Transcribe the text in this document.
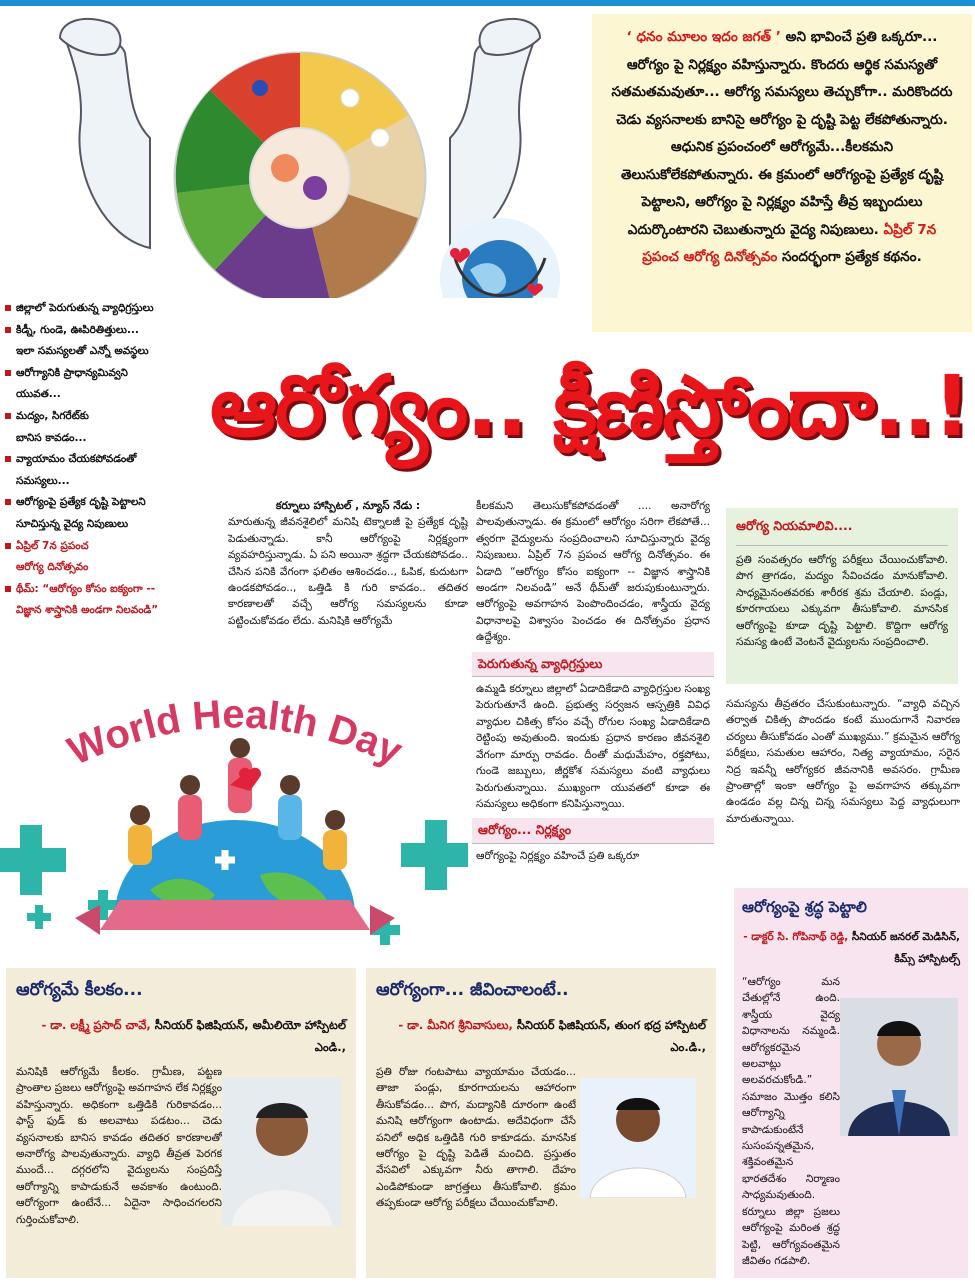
‘ ధనం మూలం ఇదం జగత్ ’ అని భావించే ప్రతి ఒక్కరూ... ఆరోగ్యం పై నిర్లక్ష్యం వహిస్తున్నారు. కొందరు ఆర్థిక సమస్యతో సతమతమవుతూ... ఆరోగ్య సమస్యలు తెచ్చుకోగా.. మరికొందరు చెడు వ్యసనాలకు బానిసై ఆరోగ్యం పై దృష్టి పెట్ట లేకపోతున్నారు. ఆధునిక ప్రపంచంలో ఆరోగ్యమే...కీలకమని తెలుసుకోలేకపోతున్నారు. ఈ క్రమంలో ఆరోగ్యంపై ప్రత్యేక దృష్టి పెట్టాలని, ఆరోగ్యం పై నిర్లక్ష్యం వహిస్తే తీవ్ర ఇబ్బందులు ఎదుర్కొంటారని చెబుతున్నారు వైద్య నిపుణులు. ఏప్రిల్ 7న ప్రపంచ ఆరోగ్య దినోత్సవం సందర్భంగా ప్రత్యేక కథనం.
జిల్లాలో పెరుగుతున్న వ్యాధిగ్రస్తులు
కిడ్నీ, గుండె, ఊపిరితిత్తులు...
ఇలా సమస్యలతో ఎన్నో అవస్థలు
ఆరోగ్యానికి ప్రాధాన్యమివ్వని
యువత...
మద్యం, సిగరేట్‌కు
బానిస కావడం...
వ్యాయామం చేయకపోవడంతో
సమస్యలు...
ఆరోగ్యంపై ప్రత్యేక దృష్టి పెట్టాలని
సూచిస్తున్న వైద్య నిపుణులు
ఏప్రిల్ 7న ప్రపంచ
ఆరోగ్య దినోత్సవం
థీమ్: “ఆరోగ్యం కోసం ఐక్యంగా --
విజ్ఞాన శాస్త్రానికి అండగా నిలవండి”
ఆరోగ్యం.. క్షీణిస్తోందా..!
కర్నూలు హాస్పిటల్ , న్యూస్ నేడు :
మారుతున్న జీవనశైలిలో మనిషి టెక్నాలజీ పై ప్రత్యేక దృష్టి పెడుతున్నాడు. కానీ ఆరోగ్యంపై నిర్లక్ష్యంగా వ్యవహరిస్తున్నాడు. ఏ పని అయినా శ్రద్ధగా చేయకపోవడం.. చేసిన పనికి వేగంగా ఫలితం ఆశించడం.., ఓపిక, కుదుటగా ఉండకపోవడం.., ఒత్తిడి కి గురి కావడం.. తదితర కారణాలతో వచ్చే ఆరోగ్య సమస్యలను కూడా పట్టించుకోవడం లేదు. మనిషికి ఆరోగ్యమే
కీలకమని తెలుసుకోకపోవడంతో .... అనారోగ్య పాలవుతున్నాడు. ఈ క్రమంలో ఆరోగ్యం సరిగా లేకపోతే... త్వరగా వైద్యులను సంప్రదించాలని సూచిస్తున్నారు వైద్య నిపుణులు. ఏప్రిల్ 7న ప్రపంచ ఆరోగ్య దినోత్సవం. ఈ ఏడాది “ఆరోగ్యం కోసం ఐక్యంగా -- విజ్ఞాన శాస్త్రానికి అండగా నిలవండి” అనే థీమ్‌తో జరుపుకుంటున్నారు. ఆరోగ్యంపై అవగాహన పెంపొందించడం, శాస్త్రీయ వైద్య విధానాలపై విశ్వాసం పెంచడం ఈ దినోత్సవం ప్రధాన ఉద్దేశ్యం.
పెరుగుతున్న వ్యాధిగ్రస్తులు
ఉమ్మడి కర్నూలు జిల్లాలో ఏడాదికేడాది వ్యాధిగ్రస్తుల సంఖ్య పెరుగుతూనే ఉంది. ప్రభుత్వ సర్వజన ఆస్పత్రికి వివిధ వ్యాధుల చికిత్స కోసం వచ్చే రోగుల సంఖ్య ఏడాదికేడాది రెట్టింపు అవుతుంది. ఇందుకు ప్రధాన కారణం జీవనశైలి వేగంగా మార్పు రావడం. దీంతో మధుమేహం, రక్తపోటు, గుండె జబ్బులు, జీర్ణకోశ సమస్యలు వంటి వ్యాధులు పెరుగుతున్నాయి. ముఖ్యంగా యువతలో కూడా ఈ సమస్యలు అధికంగా కనిపిస్తున్నాయి.
ఆరోగ్యం... నిర్లక్ష్యం
ఆరోగ్యంపై నిర్లక్ష్యం వహించే ప్రతి ఒక్కరూ
ఆరోగ్య నియమాలివి....
ప్రతి సంవత్సరం ఆరోగ్య పరీక్షలు చేయించుకోవాలి. పొగ త్రాగడం, మద్యం సేవించడం మానుకోవాలి. సాధ్యమైనంతవరకు శారీరక శ్రమ చేయాలి. పండ్లు, కూరగాయలు ఎక్కువగా తీసుకోవాలి. మానసిక ఆరోగ్యంపై కూడా దృష్టి పెట్టాలి. కొద్దిగా ఆరోగ్య సమస్య ఉంటే వెంటనే వైద్యులను సంప్రదించాలి.
సమస్యను తీవ్రతరం చేసుకుంటున్నారు. “వ్యాధి వచ్చిన తర్వాత చికిత్స పొందడం కంటే ముందుగానే నివారణ చర్యలు తీసుకోవడం ఎంతో ముఖ్యము.” క్రమమైన ఆరోగ్య పరీక్షలు, సమతుల ఆహారం, నిత్య వ్యాయామం, సరైన నిద్ర ఇవన్నీ ఆరోగ్యకర జీవనానికి అవసరం. గ్రామీణ ప్రాంతాల్లో ఇంకా ఆరోగ్యం పై అవగాహన తక్కువగా ఉండడం వల్ల చిన్న చిన్న సమస్యలు పెద్ద వ్యాధులుగా మారుతున్నాయి.
World Health Day
ఆరోగ్యమే కీలకం...
- డా. లక్ష్మీ ప్రసాద్ చావే, సీనియర్ ఫిజిషియన్, అమీలియో హాస్పిటల్ ఎండి.,
మనిషికి ఆరోగ్యమే కీలకం. గ్రామీణ, పట్టణ ప్రాంతాల ప్రజలు ఆరోగ్యంపై అవగాహన లేక నిర్లక్ష్యం వహిస్తున్నారు. అధికంగా ఒత్తిడికి గురికావడం... ఫాస్ట్ ఫుడ్ కు అలవాటు పడటం... చెడు వ్యసనాలకు బానిస కావడం తదితర కారణాలతో అనారోగ్య పాలవుతున్నారు. వ్యాధి తీవ్రత పెరగక ముందే... దగ్గరలోని వైద్యులను సంప్రదిస్తే ఆరోగ్యాన్ని కాపాడుకునే అవకాశం ఉంటుంది. ఆరోగ్యంగా ఉంటేనే... ఏదైనా సాధించగలరని గుర్తించుకోవాలి.
ఆరోగ్యంగా... జీవించాలంటే..
- డా. మీనిగ శ్రీనివాసులు, సీనియర్ ఫిజిషియన్, తుంగ భద్ర హాస్పిటల్ ఎం.డి.,
ప్రతి రోజు గంటపాటు వ్యాయామం చేయడం... తాజా పండ్లు, కూరగాయలను ఆహారంగా తీసుకోవడం... పొగ, మద్యానికి దూరంగా ఉంటే మనిషి ఆరోగ్యంగా ఉంటాడు. అదేవిధంగా చేసే పనిలో అధిక ఒత్తిడికి గురి కాకూడదు. మానసిక ఆరోగ్యం పై దృష్టి పెడితే మంచిది. ప్రస్తుతం వేసవిలో ఎక్కువగా నీరు తాగాలి. దేహం ఎండిపోకుండా జాగ్రత్తలు తీసుకోవాలి. క్రమం తప్పకుండా ఆరోగ్య పరీక్షలు చేయించుకోవాలి.
ఆరోగ్యంపై శ్రద్ధ పెట్టాలి
- డాక్టర్ సి. గోపినాథ్ రెడ్డి, సీనియర్ జనరల్ మెడిసిన్, కిమ్స్ హాస్పిటల్స్
“ఆరోగ్యం మన చేతుల్లోనే ఉంది. శాస్త్రీయ వైద్య విధానాలను నమ్మండి. ఆరోగ్యకరమైన అలవాట్లు అలవరచుకోండి.” సమాజం మొత్తం కలిసి ఆరోగ్యాన్ని కాపాడుకుంటేనే సుసంపన్నతమైన, శక్తివంతమైన భారతదేశం నిర్మాణం సాధ్యమవుతుంది. కర్నూలు జిల్లా ప్రజలు ఆరోగ్యంపై మరింత శ్రద్ధ పెట్టి, ఆరోగ్యవంతమైన జీవితం గడపాలి.
